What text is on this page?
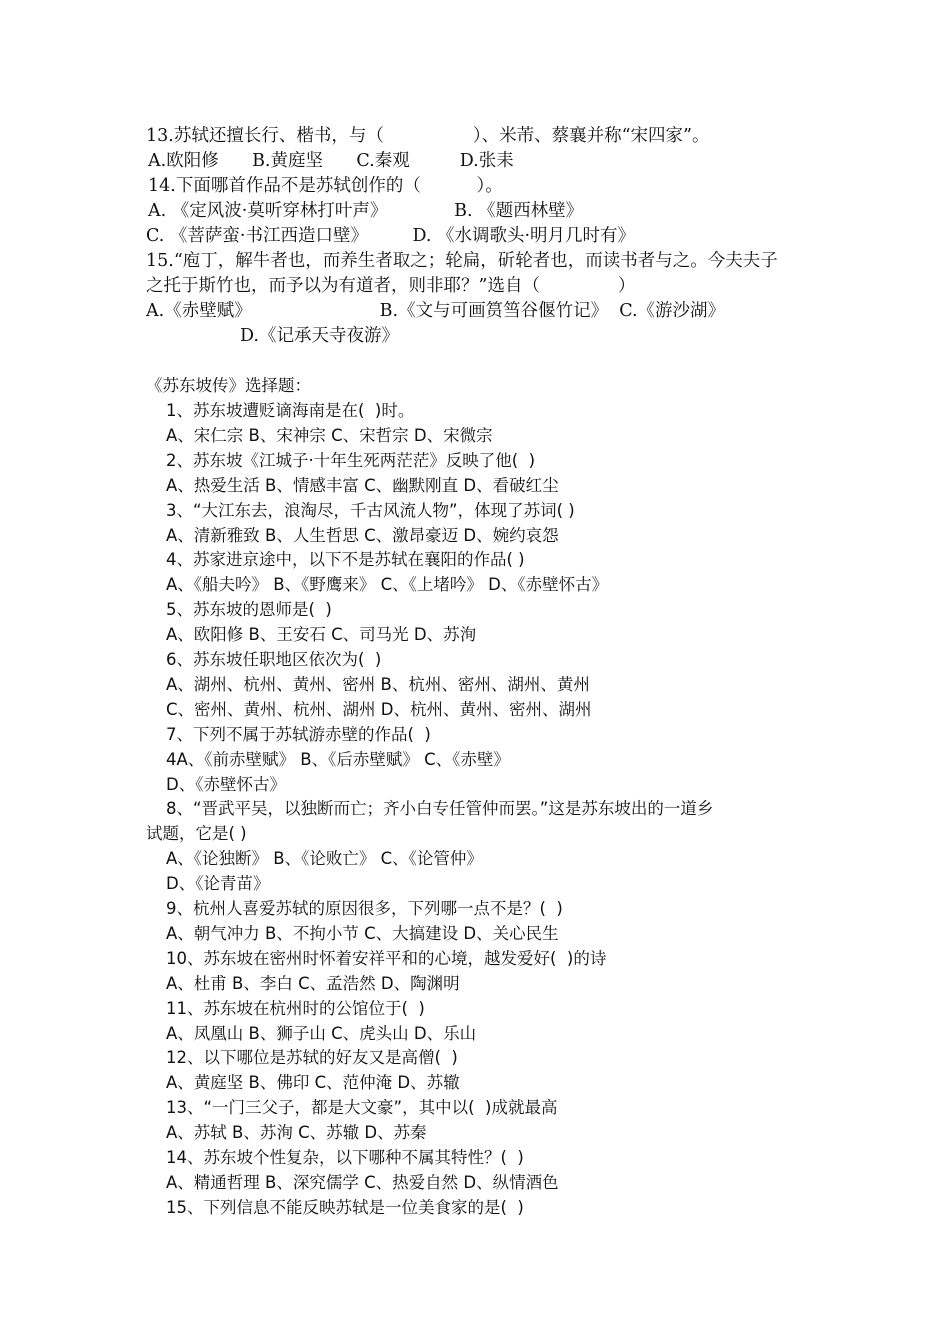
13.苏轼还擅长行、楷书，与（                ）、米芾、蔡襄并称“宋四家”。
A.欧阳修      B.黄庭坚      C.秦观         D.张耒
14.下面哪首作品不是苏轼创作的（          ）。
A. 《定风波·莫听穿林打叶声》            B. 《题西林壁》
C. 《菩萨蛮·书江西造口壁》        D. 《水调歌头·明月几时有》
15.“庖丁，解牛者也，而养生者取之；轮扁，斫轮者也，而读书者与之。今夫夫子
之托于斯竹也，而予以为有道者，则非耶？”选自（              ）
A.《赤壁赋》                       B.《文与可画筼筜谷偃竹记》  C.《游沙湖》
D.《记承天寺夜游》
《苏东坡传》选择题：
1、苏东坡遭贬谪海南是在(  )时。
A、宋仁宗 B、宋神宗 C、宋哲宗 D、宋微宗
2、苏东坡《江城子·十年生死两茫茫》反映了他(  )
A、热爱生活 B、情感丰富 C、幽默刚直 D、看破红尘
3、“大江东去，浪淘尽，千古风流人物”，体现了苏词( )
A、清新雅致 B、人生哲思 C、激昂豪迈 D、婉约哀怨
4、苏家进京途中，以下不是苏轼在襄阳的作品( )
A、《船夫吟》 B、《野鹰来》 C、《上堵吟》 D、《赤壁怀古》
5、苏东坡的恩师是(  )
A、欧阳修 B、王安石 C、司马光 D、苏洵
6、苏东坡任职地区依次为(  )
A、湖州、杭州、黄州、密州 B、杭州、密州、湖州、黄州
C、密州、黄州、杭州、湖州 D、杭州、黄州、密州、湖州
7、下列不属于苏轼游赤壁的作品(  )
4A、《前赤壁赋》 B、《后赤壁赋》 C、《赤壁》
D、《赤壁怀古》
8、“晋武平吴，以独断而亡；齐小白专任管仲而罢。”这是苏东坡出的一道乡
试题，它是( )
A、《论独断》 B、《论败亡》 C、《论管仲》
D、《论青苗》
9、杭州人喜爱苏轼的原因很多，下列哪一点不是？(  )
A、朝气冲力 B、不拘小节 C、大搞建设 D、关心民生
10、苏东坡在密州时怀着安祥平和的心境，越发爱好(  )的诗
A、杜甫 B、李白 C、孟浩然 D、陶渊明
11、苏东坡在杭州时的公馆位于(  )
A、凤凰山 B、狮子山 C、虎头山 D、乐山
12、以下哪位是苏轼的好友又是高僧(  )
A、黄庭坚 B、佛印 C、范仲淹 D、苏辙
13、“一门三父子，都是大文豪”，其中以(  )成就最高
A、苏轼 B、苏洵 C、苏辙 D、苏秦
14、苏东坡个性复杂，以下哪种不属其特性？(  )
A、精通哲理 B、深究儒学 C、热爱自然 D、纵情酒色
15、下列信息不能反映苏轼是一位美食家的是(  )
